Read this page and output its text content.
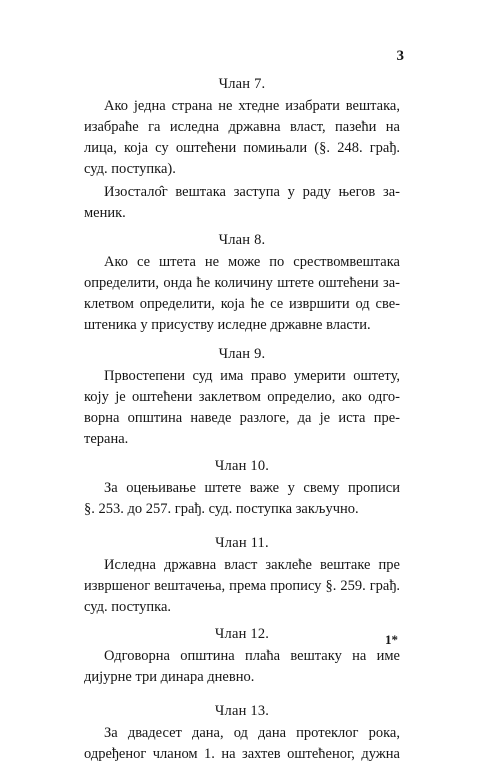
3
Члан 7.
Ако једна страна не хтедне изабрати вештака,
изабраће га иследна државна власт, пазећи на
лица, која су оштећени помињали (§. 248. грађ.
суд. поступка).
Изостало̂г вештака заступа у раду његов за-
меник.
Члан 8.
Ако се штета не може по срествомвештака
определити, онда ће количину штете оштећени за-
клетвом определити, која ће се извршити од све-
штеника у присуству иследне државне власти.
Члан 9.
Првостепени суд има право умерити оштету,
коју је оштећени заклетвом определио, ако одго-
ворна општина наведе разлоге, да је иста пре-
терана.
Члан 10.
За оцењивање штете важе у свему прописи
§. 253. до 257. грађ. суд. поступка закључно.
Члан 11.
Иследна државна власт заклеће вештаке пре
извршеног вештачења, према пропису §. 259. грађ.
суд. поступка.
Члан 12.
Одговорна општина плаћа вештаку на име
дијурне три динара дневно.
Члан 13.
За двадесет дана, од дана протеклог рока,
одређеног чланом 1. на захтев оштећеног, дужна
1*
